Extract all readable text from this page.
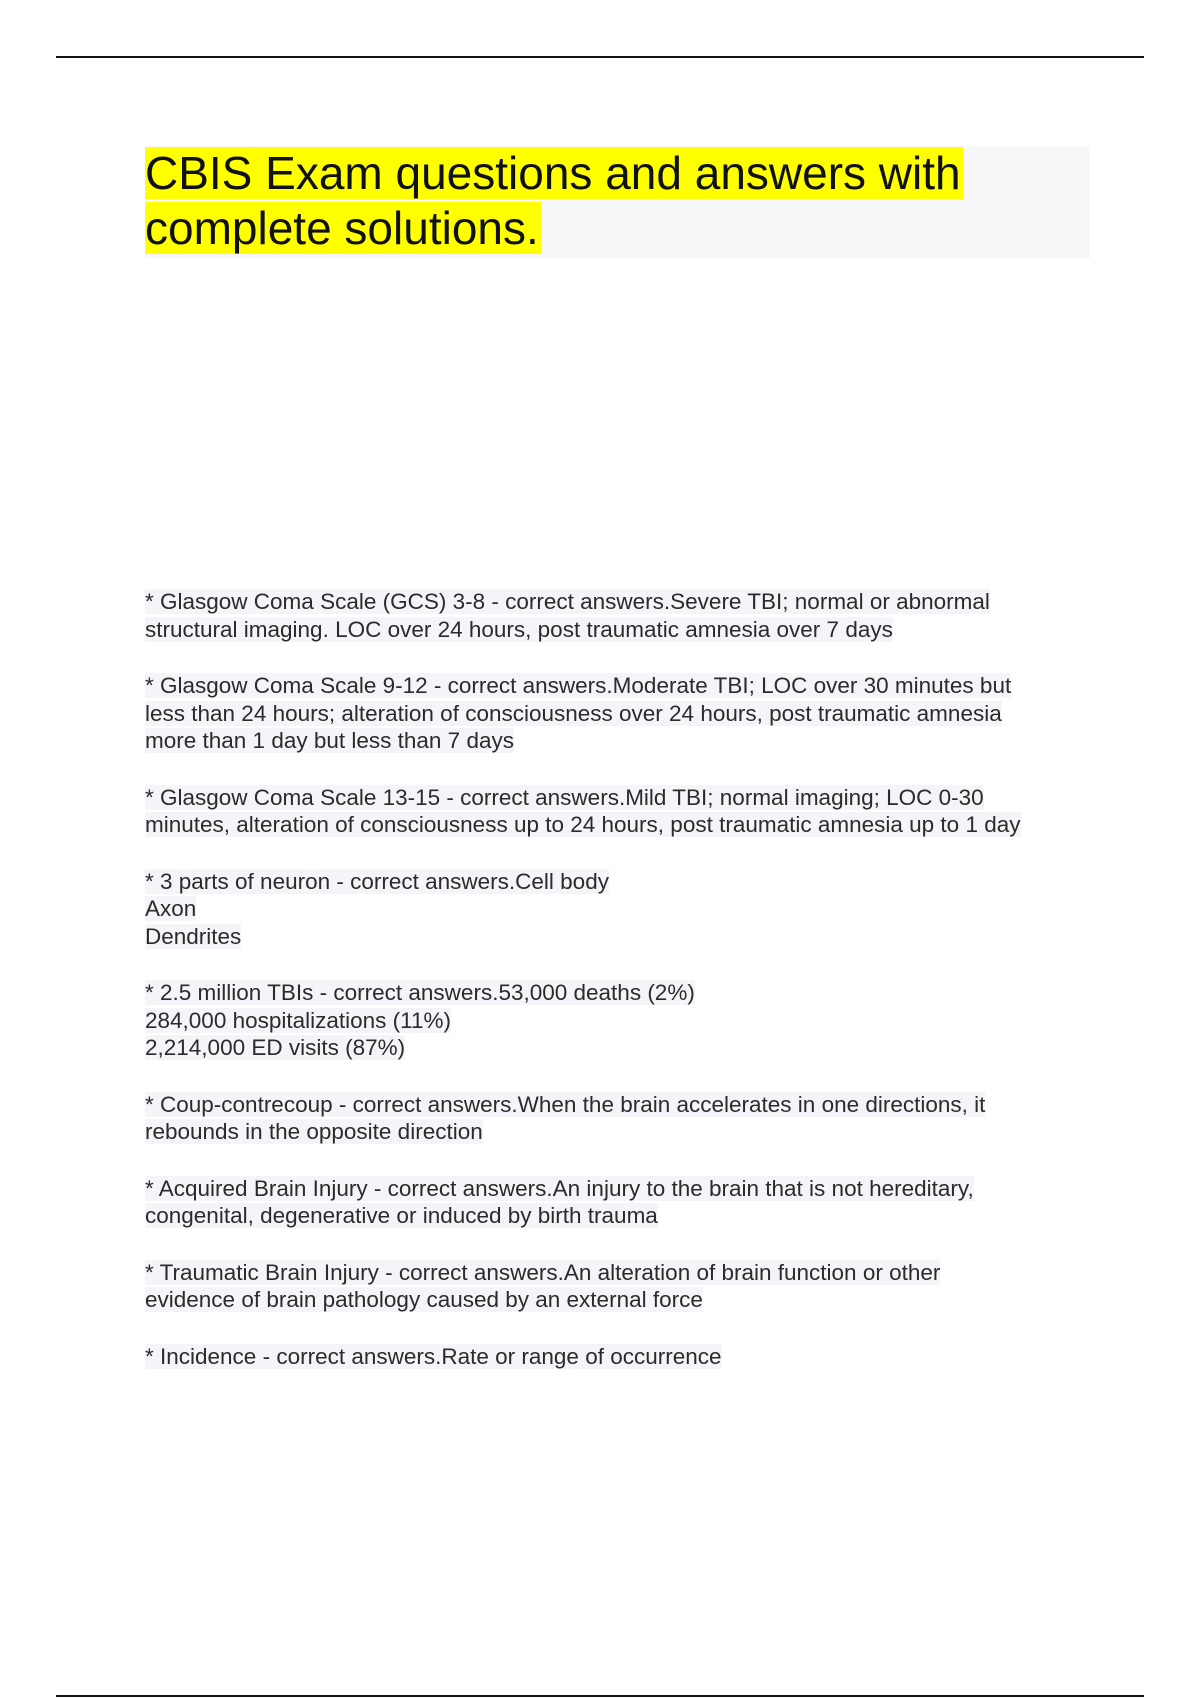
CBIS Exam questions and answers with
complete solutions.
* Glasgow Coma Scale (GCS) 3-8 - correct answers.Severe TBI; normal or abnormal
structural imaging. LOC over 24 hours, post traumatic amnesia over 7 days
* Glasgow Coma Scale 9-12 - correct answers.Moderate TBI; LOC over 30 minutes but
less than 24 hours; alteration of consciousness over 24 hours, post traumatic amnesia
more than 1 day but less than 7 days
* Glasgow Coma Scale 13-15 - correct answers.Mild TBI; normal imaging; LOC 0-30
minutes, alteration of consciousness up to 24 hours, post traumatic amnesia up to 1 day
* 3 parts of neuron - correct answers.Cell body
Axon
Dendrites
* 2.5 million TBIs - correct answers.53,000 deaths (2%)
284,000 hospitalizations (11%)
2,214,000 ED visits (87%)
* Coup-contrecoup - correct answers.When the brain accelerates in one directions, it
rebounds in the opposite direction
* Acquired Brain Injury - correct answers.An injury to the brain that is not hereditary,
congenital, degenerative or induced by birth trauma
* Traumatic Brain Injury - correct answers.An alteration of brain function or other
evidence of brain pathology caused by an external force
* Incidence - correct answers.Rate or range of occurrence
